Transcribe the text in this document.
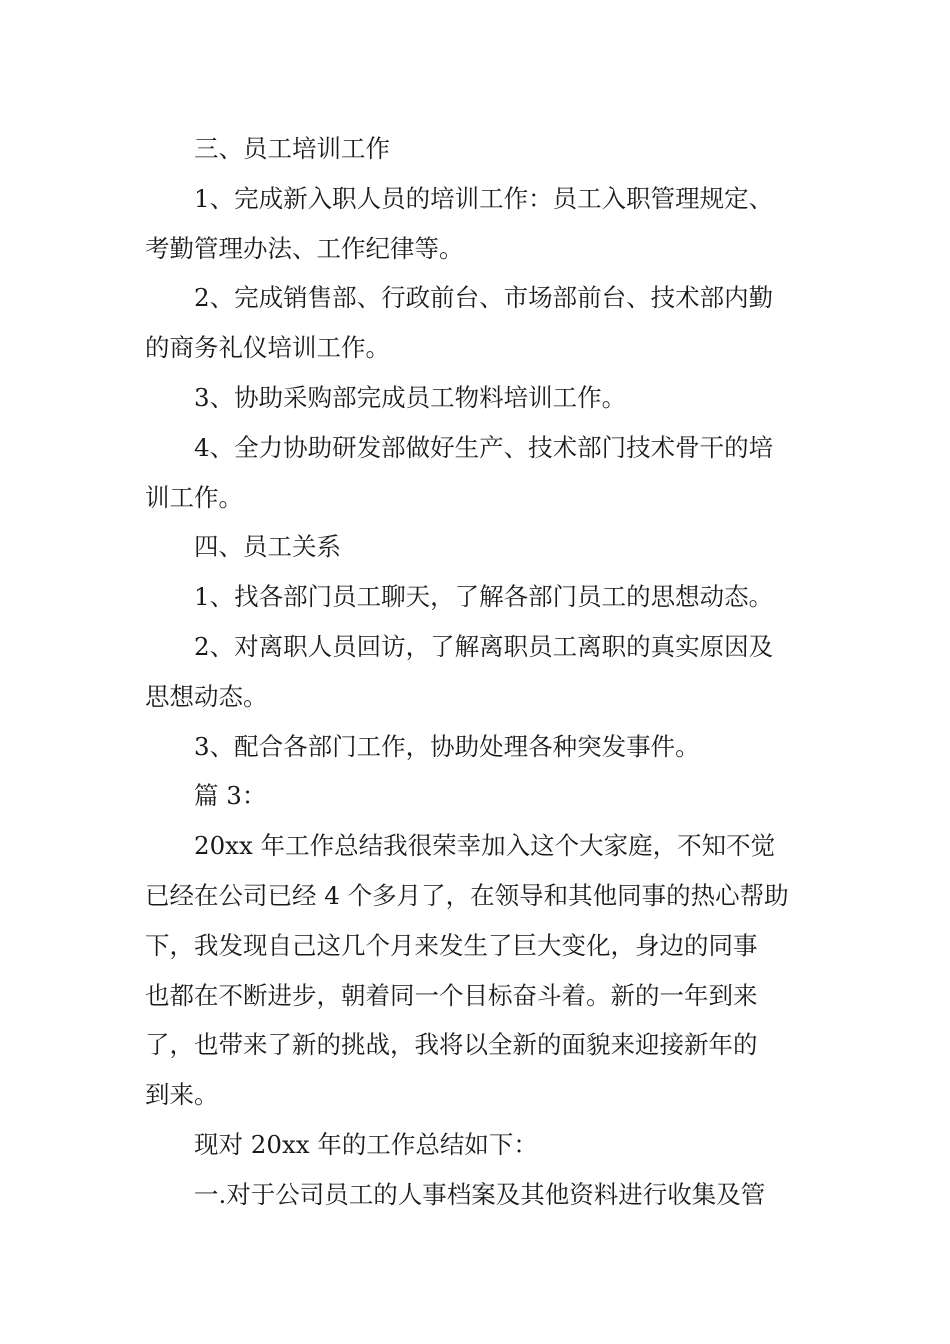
三、员工培训工作
1、完成新入职人员的培训工作：员工入职管理规定、
考勤管理办法、工作纪律等。
2、完成销售部、行政前台、市场部前台、技术部内勤
的商务礼仪培训工作。
3、协助采购部完成员工物料培训工作。
4、全力协助研发部做好生产、技术部门技术骨干的培
训工作。
四、员工关系
1、找各部门员工聊天，了解各部门员工的思想动态。
2、对离职人员回访，了解离职员工离职的真实原因及
思想动态。
3、配合各部门工作，协助处理各种突发事件。
篇 3：
20xx 年工作总结我很荣幸加入这个大家庭，不知不觉
已经在公司已经 4 个多月了，在领导和其他同事的热心帮助
下，我发现自己这几个月来发生了巨大变化，身边的同事
也都在不断进步，朝着同一个目标奋斗着。新的一年到来
了，也带来了新的挑战，我将以全新的面貌来迎接新年的
到来。
现对 20xx 年的工作总结如下：
一.对于公司员工的人事档案及其他资料进行收集及管
